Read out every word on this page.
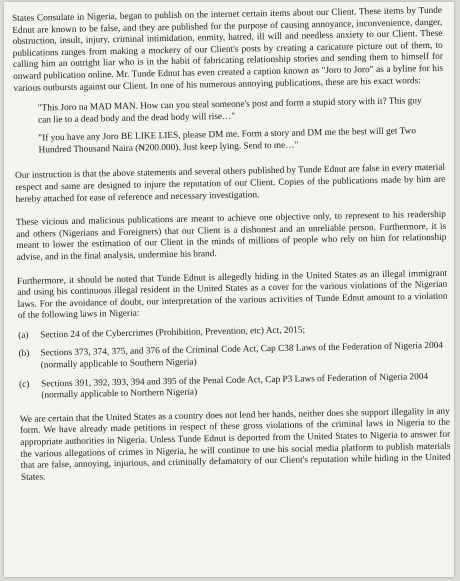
States Consulate in Nigeria, began to publish on the internet certain items about our Client. These items by Tunde Ednut are known to be false, and they are published for the purpose of causing annoyance, inconvenience, danger, obstruction, insult, injury, criminal intimidation, enmity, hatred, ill will and needless anxiety to our Client. These publications ranges from making a mockery of our Client's posts by creating a caricature picture out of them, to calling him an outright liar who is in the habit of fabricating relationship stories and sending them to himself for onward publication online. Mr. Tunde Ednut has even created a caption known as "Joro to Joro" as a byline for his various outbursts against our Client. In one of his numerous annoying publications, these are his exact words:

"This Joro na MAD MAN. How can you steal someone's post and form a stupid story with it? This guy can lie to a dead body and the dead body will rise…"

"If you have any Joro BE LIKE LIES, please DM me. Form a story and DM me the best will get Two Hundred Thousand Naira (₦200.000). Just keep lying. Send to me…"

Our instruction is that the above statements and several others published by Tunde Ednut are false in every material respect and same are designed to injure the reputation of our Client. Copies of the publications made by him are hereby attached for ease of reference and necessary investigation.

These vicious and malicious publications are meant to achieve one objective only, to represent to his readership and others (Nigerians and Foreigners) that our Client is a dishonest and an unreliable person. Furthermore, it is meant to lower the estimation of our Client in the minds of millions of people who rely on him for relationship advise, and in the final analysis, undermine his brand.

Furthermore, it should be noted that Tunde Ednut is allegedly hiding in the United States as an illegal immigrant and using his continuous illegal resident in the United States as a cover for the various violations of the Nigerian laws. For the avoidance of doubt, our interpretation of the various activities of Tunde Ednut amount to a violation of the following laws in Nigeria:

(a) Section 24 of the Cybercrimes (Prohibition, Prevention, etc) Act, 2015;
(b) Sections 373, 374, 375, and 376 of the Criminal Code Act, Cap C38 Laws of the Federation of Nigeria 2004 (normally applicable to Southern Nigeria)
(c) Sections 391, 392, 393, 394 and 395 of the Penal Code Act, Cap P3 Laws of Federation of Nigeria 2004 (normally applicable to Northern Nigeria)

We are certain that the United States as a country does not lend her hands, neither does she support illegality in any form. We have already made petitions in respect of these gross violations of the criminal laws in Nigeria to the appropriate authorities in Nigeria. Unless Tunde Ednut is deported from the United States to Nigeria to answer for the various allegations of crimes in Nigeria, he will continue to use his social media platform to publish materials that are false, annoying, injurious, and criminally defamatory of our Client's reputation while hiding in the United States.
